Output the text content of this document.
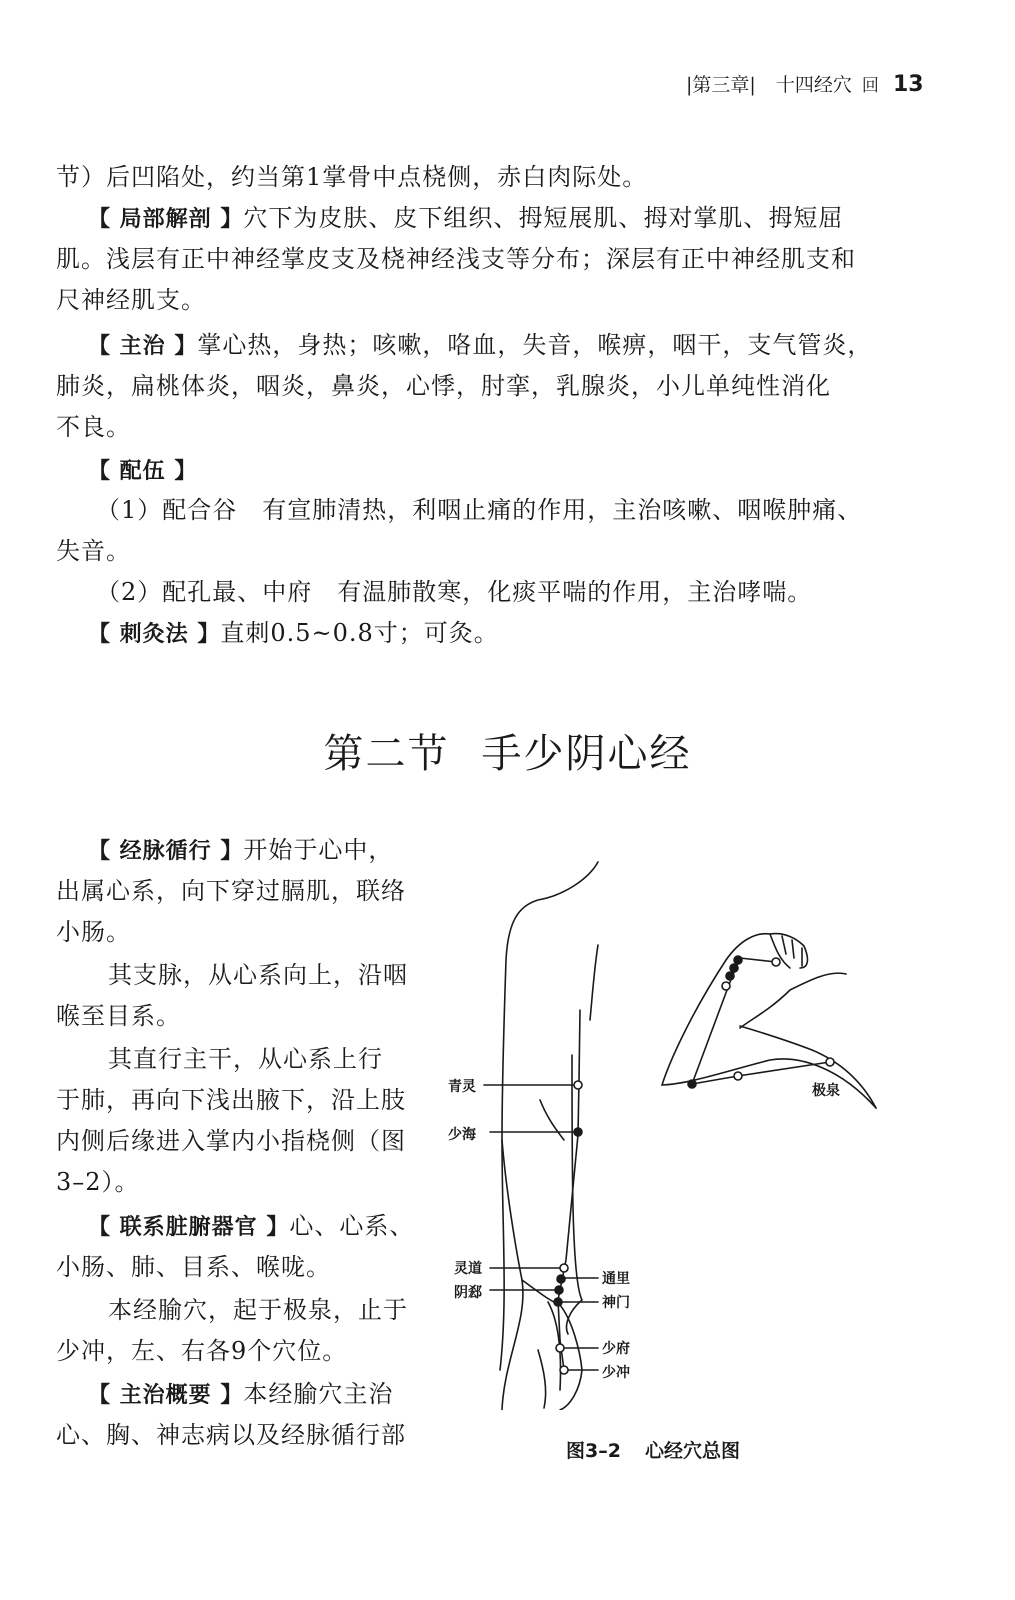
|第三章| 十四经穴 回 13
节）后凹陷处，约当第1掌骨中点桡侧，赤白肉际处。
【 局部解剖 】穴下为皮肤、皮下组织、拇短展肌、拇对掌肌、拇短屈
肌。浅层有正中神经掌皮支及桡神经浅支等分布；深层有正中神经肌支和
尺神经肌支。
【 主治 】掌心热，身热；咳嗽，咯血，失音，喉痹，咽干，支气管炎，
肺炎，扁桃体炎，咽炎，鼻炎，心悸，肘挛，乳腺炎，小儿单纯性消化
不良。
【 配伍 】
（1）配合谷　有宣肺清热，利咽止痛的作用，主治咳嗽、咽喉肿痛、
失音。
（2）配孔最、中府　有温肺散寒，化痰平喘的作用，主治哮喘。
【 刺灸法 】直刺0.5~0.8寸；可灸。
第二节 手少阴心经
【 经脉循行 】开始于心中，
出属心系，向下穿过膈肌，联络
小肠。
其支脉，从心系向上，沿咽
喉至目系。
其直行主干，从心系上行
于肺，再向下浅出腋下，沿上肢
内侧后缘进入掌内小指桡侧（图
3–2）。
【 联系脏腑器官 】心、心系、
小肠、肺、目系、喉咙。
本经腧穴，起于极泉，止于
少冲，左、右各9个穴位。
【 主治概要 】本经腧穴主治
心、胸、神志病以及经脉循行部
青灵
少海
灵道
阴郄
通里
神门
少府
少冲
极泉
图3–2 心经穴总图
